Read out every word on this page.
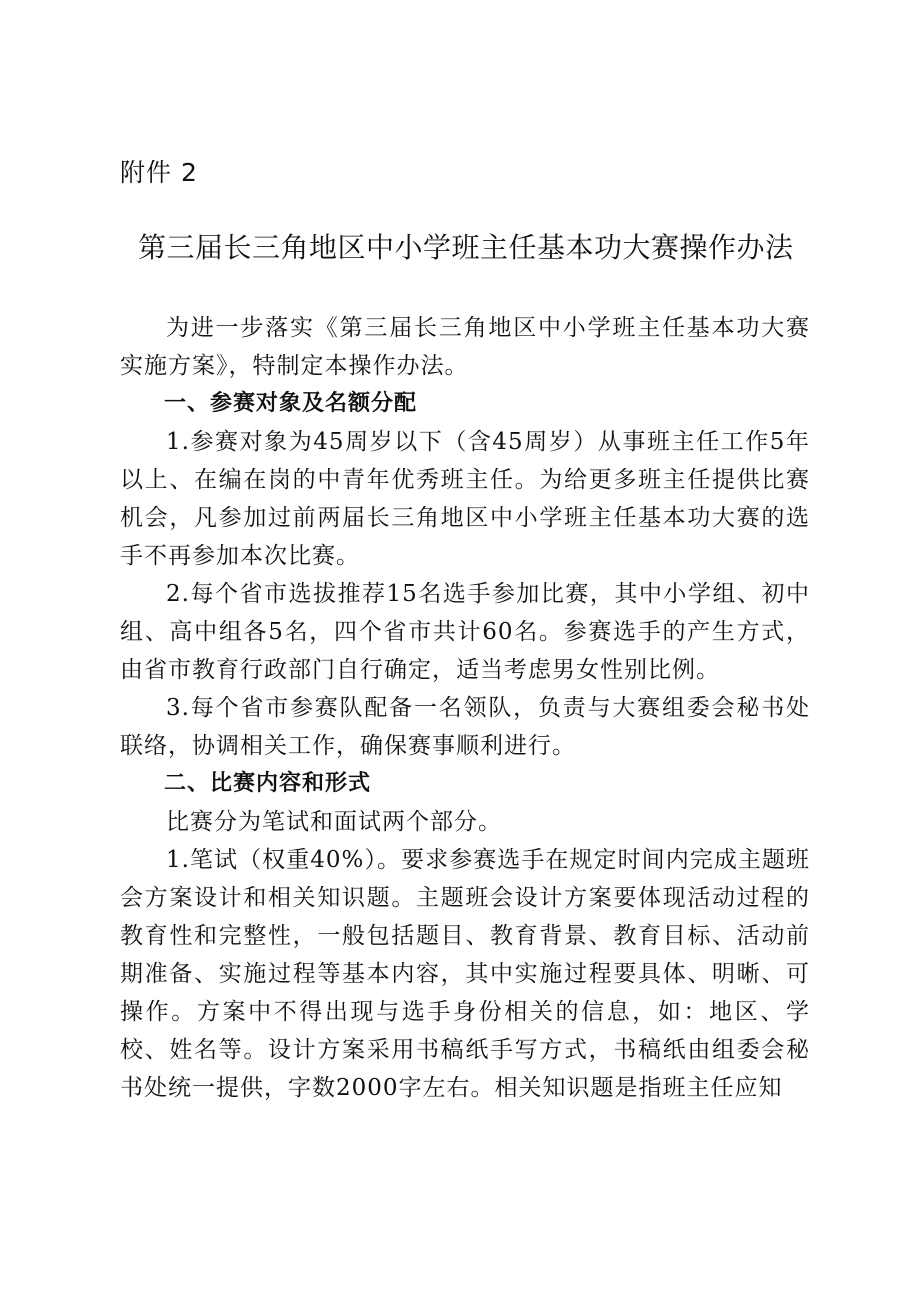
附件 2
第三届长三角地区中小学班主任基本功大赛操作办法

为进一步落实《第三届长三角地区中小学班主任基本功大赛实施方案》，特制定本操作办法。

一、参赛对象及名额分配

1.参赛对象为45周岁以下（含45周岁）从事班主任工作5年以上、在编在岗的中青年优秀班主任。为给更多班主任提供比赛机会，凡参加过前两届长三角地区中小学班主任基本功大赛的选手不再参加本次比赛。

2.每个省市选拔推荐15名选手参加比赛，其中小学组、初中组、高中组各5名，四个省市共计60名。参赛选手的产生方式，由省市教育行政部门自行确定，适当考虑男女性别比例。

3.每个省市参赛队配备一名领队，负责与大赛组委会秘书处联络，协调相关工作，确保赛事顺利进行。

二、比赛内容和形式

比赛分为笔试和面试两个部分。

1.笔试（权重40%）。要求参赛选手在规定时间内完成主题班会方案设计和相关知识题。主题班会设计方案要体现活动过程的教育性和完整性，一般包括题目、教育背景、教育目标、活动前期准备、实施过程等基本内容，其中实施过程要具体、明晰、可操作。方案中不得出现与选手身份相关的信息，如：地区、学校、姓名等。设计方案采用书稿纸手写方式，书稿纸由组委会秘书处统一提供，字数2000字左右。相关知识题是指班主任应知
